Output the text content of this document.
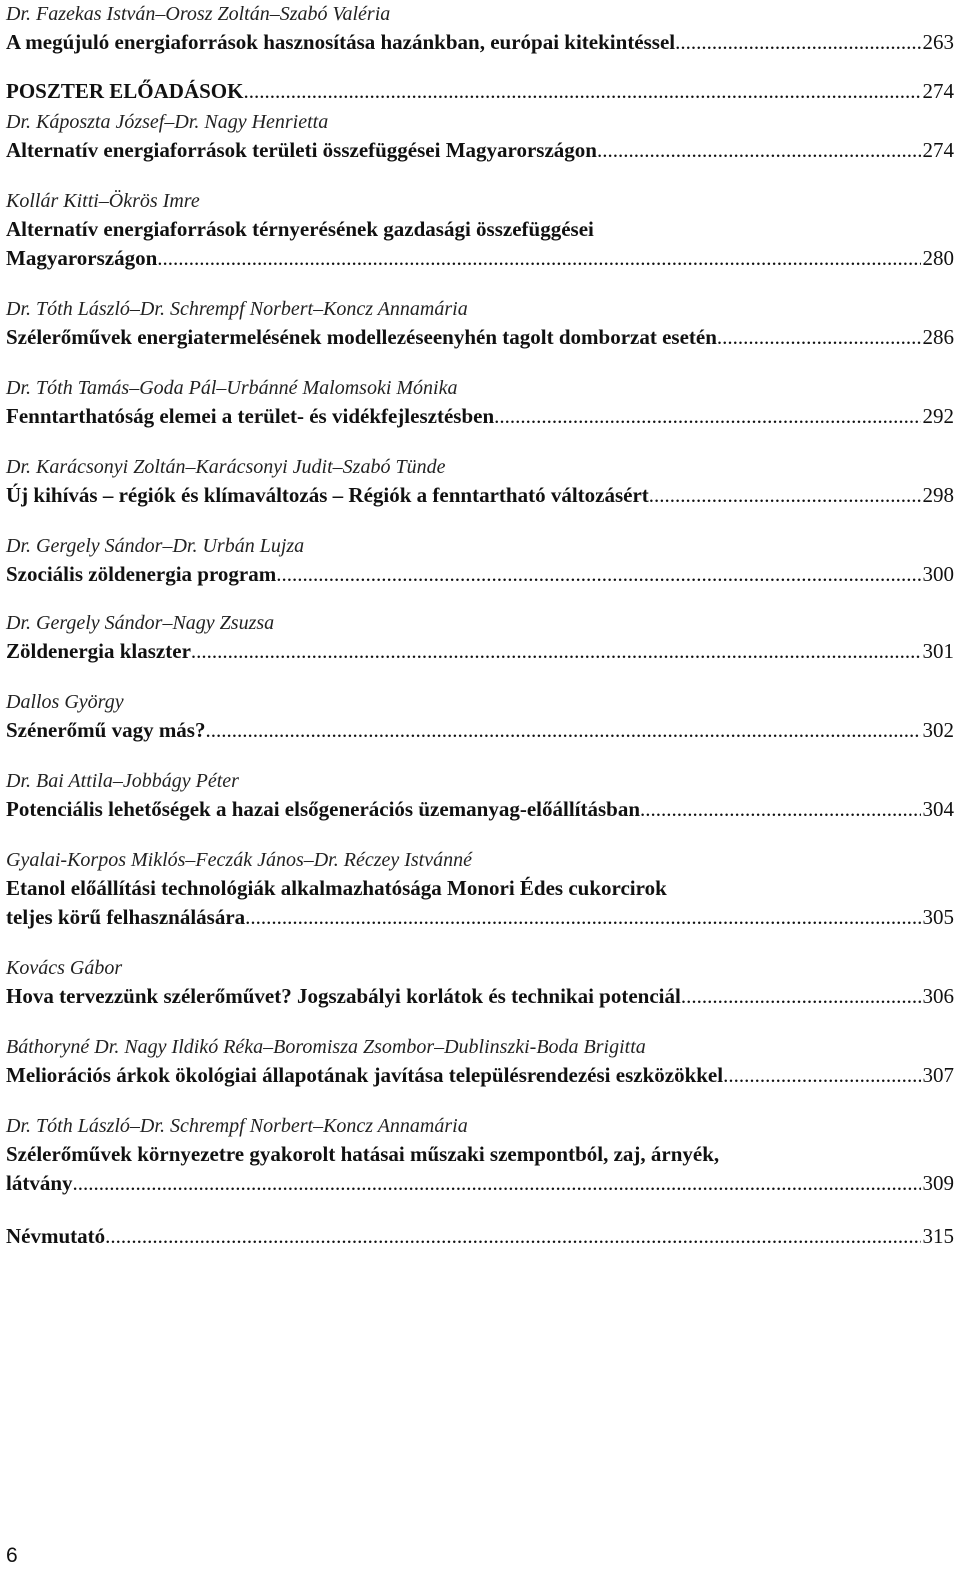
Dr. Fazekas István–Orosz Zoltán–Szabó Valéria
A megújuló energiaforrások hasznosítása hazánkban, európai kitekintéssel .....	263
POSZTER ELŐADÁSOK .....	274
Dr. Káposzta József–Dr. Nagy Henrietta
Alternatív energiaforrások területi összefüggései Magyarországon .....	274
Kollár Kitti–Ökrös Imre
Alternatív energiaforrások térnyerésének gazdasági összefüggései
Magyarországon .....	280
Dr. Tóth László–Dr. Schrempf Norbert–Koncz Annamária
Szélerőművek energiatermelésének modellezéseenyhén tagolt domborzat esetén .....	286
Dr. Tóth Tamás–Goda Pál–Urbánné Malomsoki Mónika
Fenntarthatóság elemei a terület- és vidékfejlesztésben .....	292
Dr. Karácsonyi Zoltán–Karácsonyi Judit–Szabó Tünde
Új kihívás – régiók és klímaváltozás – Régiók a fenntartható változásért .....	298
Dr. Gergely Sándor–Dr. Urbán Lujza
Szociális zöldenergia program .....	300
Dr. Gergely Sándor–Nagy Zsuzsa
Zöldenergia klaszter .....	301
Dallos György
Szénerőmű vagy más? .....	302
Dr. Bai Attila–Jobbágy Péter
Potenciális lehetőségek a hazai elsőgenerációs üzemanyag-előállításban .....	304
Gyalai-Korpos Miklós–Feczák János–Dr. Réczey Istvánné
Etanol előállítási technológiák alkalmazhatósága Monori Édes cukorcirok
teljes körű felhasználására .....	305
Kovács Gábor
Hova tervezzünk szélerőművet? Jogszabályi korlátok és technikai potenciál .....	306
Báthoryné Dr. Nagy Ildikó Réka–Boromisza Zsombor–Dublinszki-Boda Brigitta
Meliorációs árkok ökológiai állapotának javítása településrendezési eszközökkel .....	307
Dr. Tóth László–Dr. Schrempf Norbert–Koncz Annamária
Szélerőművek környezetre gyakorolt hatásai műszaki szempontból, zaj, árnyék,
látvány .....	309
Névmutató .....	315
6
